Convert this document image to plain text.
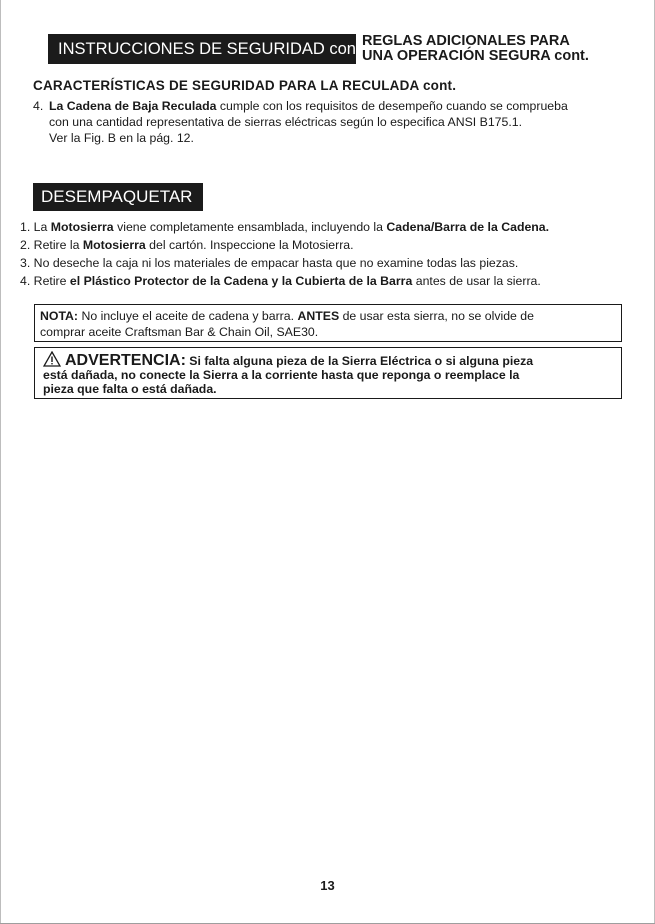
INSTRUCCIONES DE SEGURIDAD cont.
REGLAS ADICIONALES PARA
UNA OPERACIÓN SEGURA cont.
CARACTERÍSTICAS DE SEGURIDAD PARA LA RECULADA cont.
4. La Cadena de Baja Reculada cumple con los requisitos de desempeño cuando se comprueba
con una cantidad representativa de sierras eléctricas según lo especifica ANSI B175.1.
Ver la Fig. B en la pág. 12.
DESEMPAQUETAR
1. La Motosierra viene completamente ensamblada, incluyendo la Cadena/Barra de la Cadena.
2. Retire la Motosierra del cartón. Inspeccione la Motosierra.
3. No deseche la caja ni los materiales de empacar hasta que no examine todas las piezas.
4. Retire el Plástico Protector de la Cadena y la Cubierta de la Barra antes de usar la sierra.
NOTA: No incluye el aceite de cadena y barra. ANTES de usar esta sierra, no se olvide de
comprar aceite Craftsman Bar & Chain Oil, SAE30.
ADVERTENCIA: Si falta alguna pieza de la Sierra Eléctrica o si alguna pieza
está dañada, no conecte la Sierra a la corriente hasta que reponga o reemplace la
pieza que falta o está dañada.
13
